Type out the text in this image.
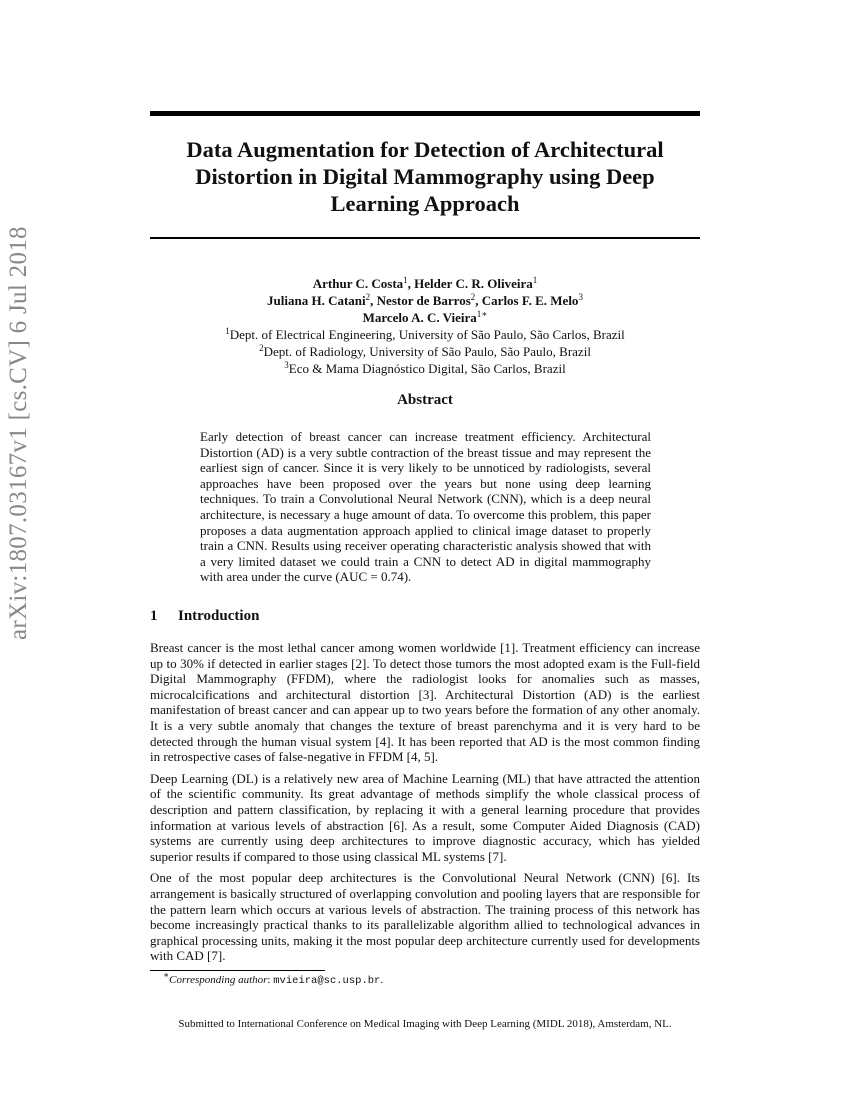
arXiv:1807.03167v1 [cs.CV] 6 Jul 2018
Data Augmentation for Detection of Architectural Distortion in Digital Mammography using Deep Learning Approach
Arthur C. Costa$^1$, Helder C. R. Oliveira$^1$
Juliana H. Catani$^2$, Nestor de Barros$^2$, Carlos F. E. Melo$^3$
Marcelo A. C. Vieira$^{1∗}$
$^1$Dept. of Electrical Engineering, University of São Paulo, São Carlos, Brazil
$^2$Dept. of Radiology, University of São Paulo, São Paulo, Brazil
$^3$Eco & Mama Diagnóstico Digital, São Carlos, Brazil
Abstract
Early detection of breast cancer can increase treatment efficiency. Architectural Distortion (AD) is a very subtle contraction of the breast tissue and may represent the earliest sign of cancer. Since it is very likely to be unnoticed by radiologists, several approaches have been proposed over the years but none using deep learning techniques. To train a Convolutional Neural Network (CNN), which is a deep neural architecture, is necessary a huge amount of data. To overcome this problem, this paper proposes a data augmentation approach applied to clinical image dataset to properly train a CNN. Results using receiver operating characteristic analysis showed that with a very limited dataset we could train a CNN to detect AD in digital mammography with area under the curve (AUC = 0.74).
1 Introduction

Breast cancer is the most lethal cancer among women worldwide [1]. Treatment efficiency can increase up to 30% if detected in earlier stages [2]. To detect those tumors the most adopted exam is the Full-field Digital Mammography (FFDM), where the radiologist looks for anomalies such as masses, microcalcifications and architectural distortion [3]. Architectural Distortion (AD) is the earliest manifestation of breast cancer and can appear up to two years before the formation of any other anomaly. It is a very subtle anomaly that changes the texture of breast parenchyma and it is very hard to be detected through the human visual system [4]. It has been reported that AD is the most common finding in retrospective cases of false-negative in FFDM [4, 5].

Deep Learning (DL) is a relatively new area of Machine Learning (ML) that have attracted the attention of the scientific community. Its great advantage of methods simplify the whole classical process of description and pattern classification, by replacing it with a general learning procedure that provides information at various levels of abstraction [6]. As a result, some Computer Aided Diagnosis (CAD) systems are currently using deep architectures to improve diagnostic accuracy, which has yielded superior results if compared to those using classical ML systems [7].

One of the most popular deep architectures is the Convolutional Neural Network (CNN) [6]. Its arrangement is basically structured of overlapping convolution and pooling layers that are responsible for the pattern learn which occurs at various levels of abstraction. The training process of this network has become increasingly practical thanks to its parallelizable algorithm allied to technological advances in graphical processing units, making it the most popular deep architecture currently used for developments with CAD [7].

∗Corresponding author: mvieira@sc.usp.br.
Submitted to International Conference on Medical Imaging with Deep Learning (MIDL 2018), Amsterdam, NL.
